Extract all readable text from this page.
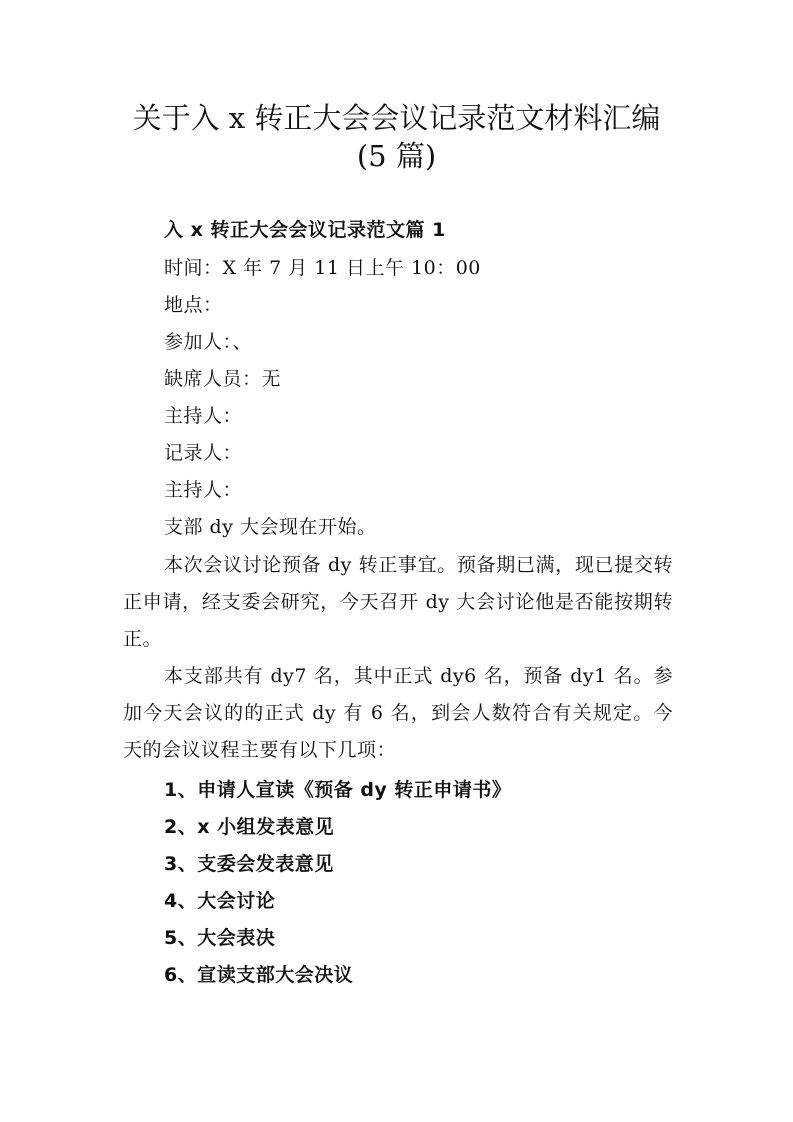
关于入 x 转正大会会议记录范文材料汇编
(5 篇)
入 x 转正大会会议记录范文篇 1
时间：X 年 7 月 11 日上午 10：00
地点：
参加人：、
缺席人员：无
主持人：
记录人：
主持人：
支部 dy 大会现在开始。

本次会议讨论预备 dy 转正事宜。预备期已满，现已提交转正申请，经支委会研究，今天召开 dy 大会讨论他是否能按期转正。

本支部共有 dy7 名，其中正式 dy6 名，预备 dy1 名。参加今天会议的的正式 dy 有 6 名，到会人数符合有关规定。今天的会议议程主要有以下几项：

1、申请人宣读《预备 dy 转正申请书》
2、x 小组发表意见
3、支委会发表意见
4、大会讨论
5、大会表决
6、宣读支部大会决议
